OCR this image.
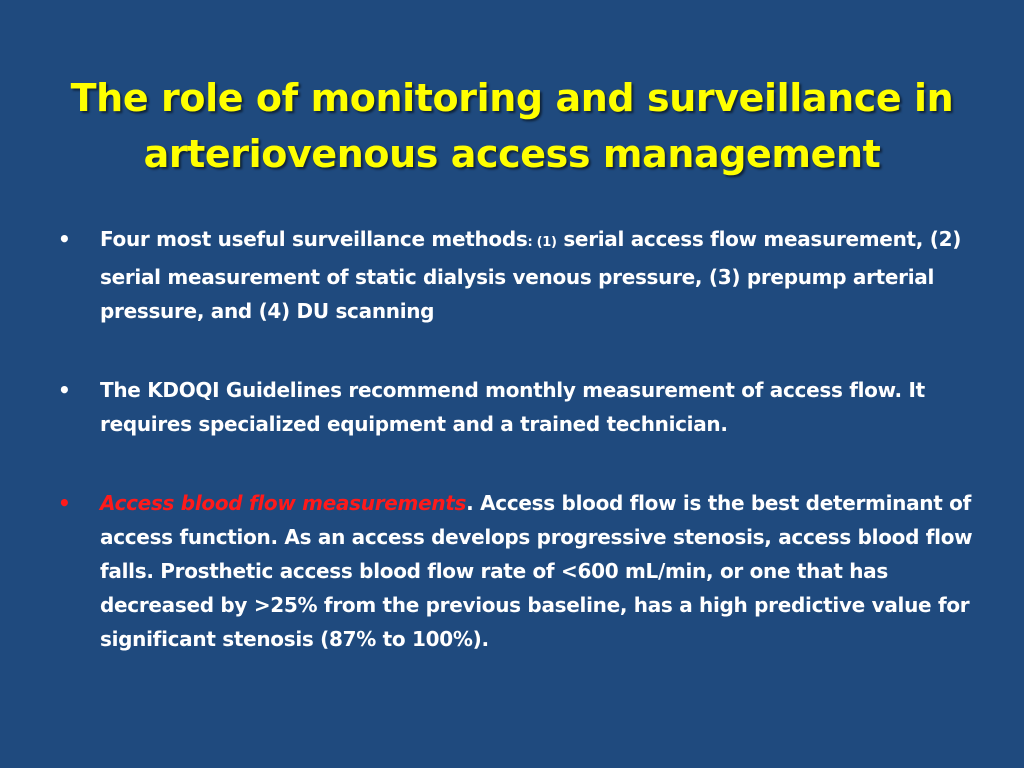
The role of monitoring and surveillance in
arteriovenous access management
• Four most useful surveillance methods: (1) serial access flow measurement, (2) serial measurement of static dialysis venous pressure, (3) prepump arterial pressure, and (4) DU scanning
• The KDOQI Guidelines recommend monthly measurement of access flow. It requires specialized equipment and a trained technician.
• Access blood flow measurements. Access blood flow is the best determinant of access function. As an access develops progressive stenosis, access blood flow falls. Prosthetic access blood flow rate of <600 mL/min, or one that has decreased by >25% from the previous baseline, has a high predictive value for significant stenosis (87% to 100%).
